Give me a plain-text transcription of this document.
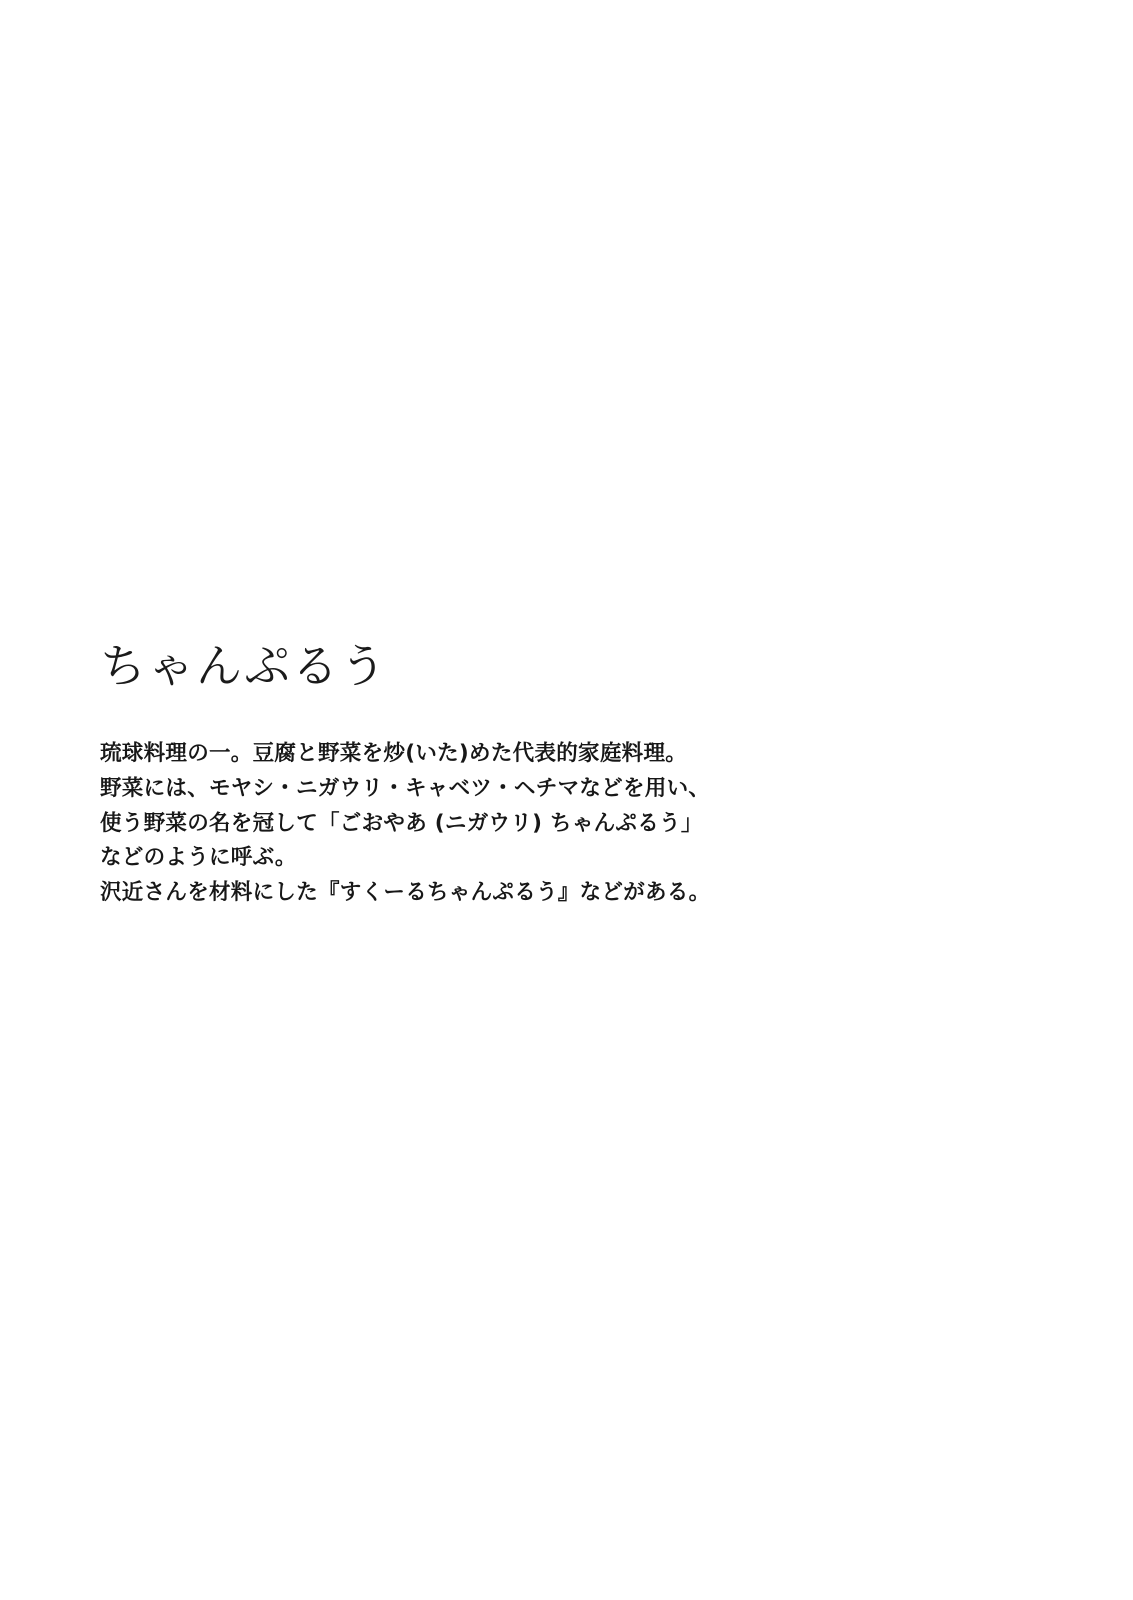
ちゃんぷるう
琉球料理の一。豆腐と野菜を炒(いた)めた代表的家庭料理。
野菜には、モヤシ・ニガウリ・キャベツ・ヘチマなどを用い、
使う野菜の名を冠して「ごおやあ (ニガウリ) ちゃんぷるう」
などのように呼ぶ。
沢近さんを材料にした『すくーるちゃんぷるう』などがある。
